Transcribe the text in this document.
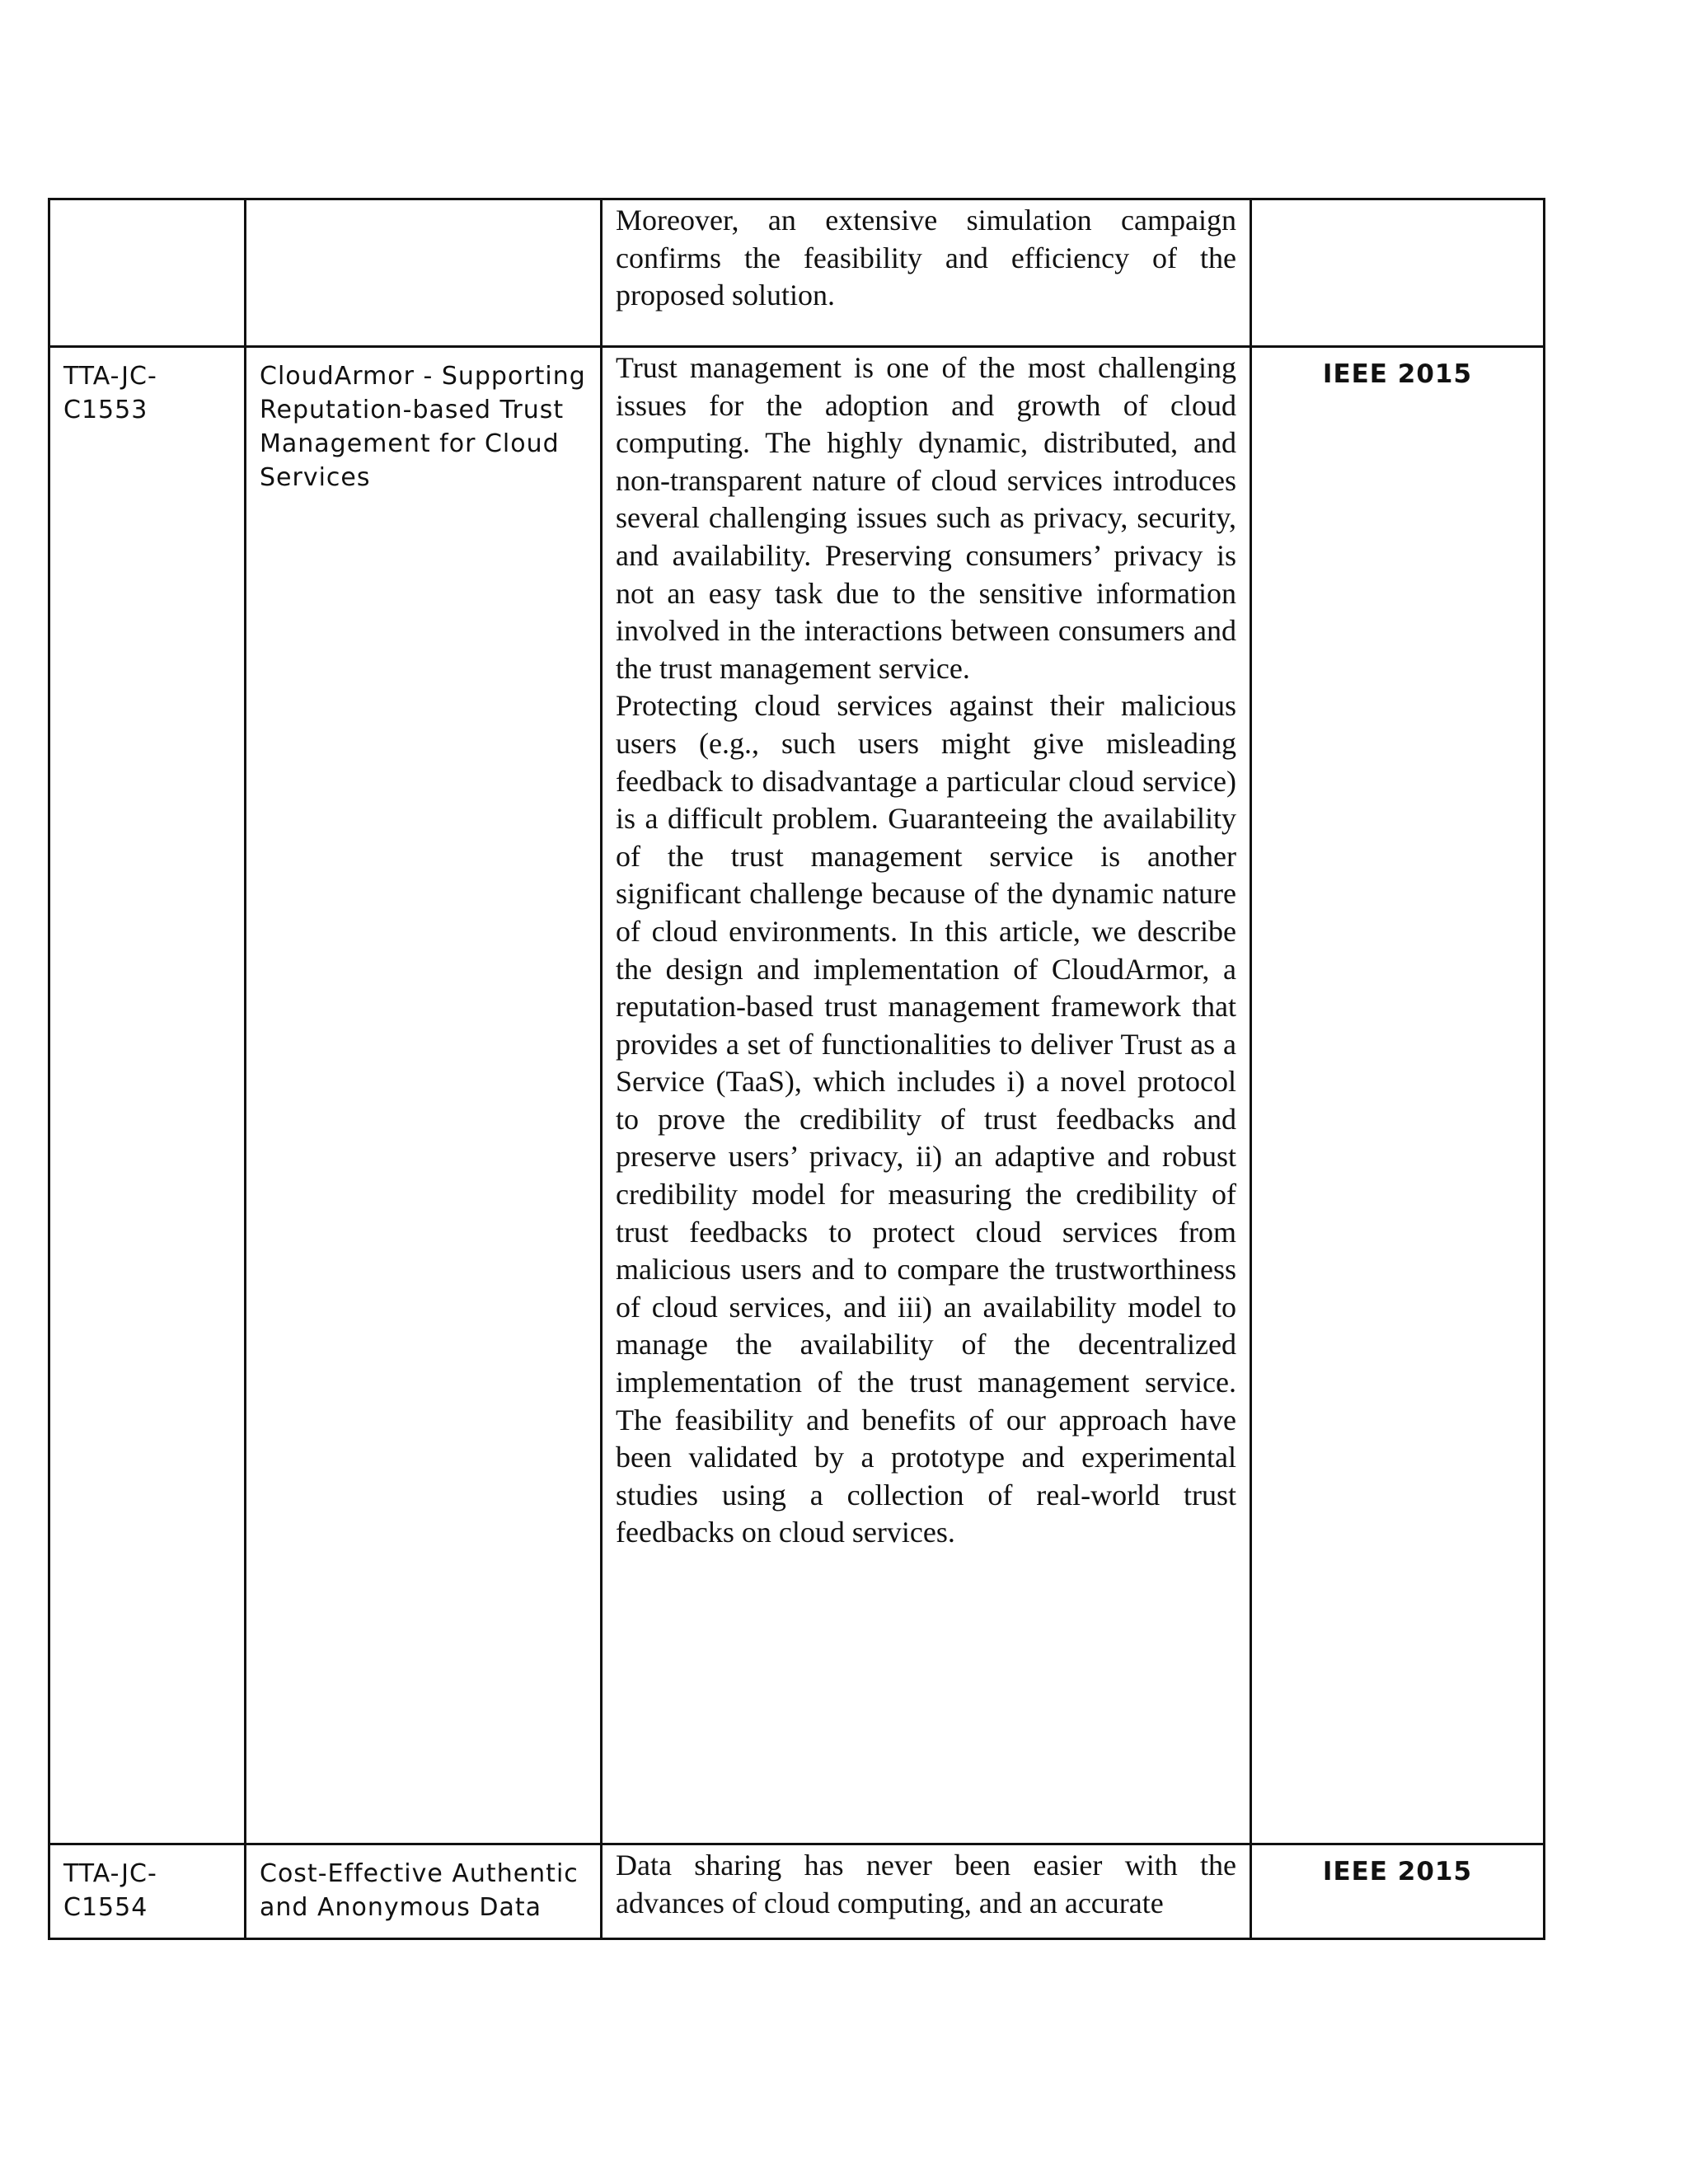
		Moreover, an extensive simulation campaign confirms the feasibility and efficiency of the proposed solution.	

TTA-JC-C1553	CloudArmor - Supporting Reputation-based Trust Management for Cloud Services	Trust management is one of the most challenging issues for the adoption and growth of cloud computing. The highly dynamic, distributed, and non-transparent nature of cloud services introduces several challenging issues such as privacy, security, and availability. Preserving consumers’ privacy is not an easy task due to the sensitive information involved in the interactions between consumers and the trust management service.

Protecting cloud services against their malicious users (e.g., such users might give misleading feedback to disadvantage a particular cloud service) is a difficult problem. Guaranteeing the availability of the trust management service is another significant challenge because of the dynamic nature of cloud environments. In this article, we describe the design and implementation of CloudArmor, a reputation-based trust management framework that provides a set of functionalities to deliver Trust as a Service (TaaS), which includes i) a novel protocol to prove the credibility of trust feedbacks and preserve users’ privacy, ii) an adaptive and robust credibility model for measuring the credibility of trust feedbacks to protect cloud services from malicious users and to compare the trustworthiness of cloud services, and iii) an availability model to manage the availability of the decentralized implementation of the trust management service. The feasibility and benefits of our approach have been validated by a prototype and experimental studies using a collection of real-world trust feedbacks on cloud services.	IEEE 2015

TTA-JC-C1554	Cost-Effective Authentic and Anonymous Data	Data sharing has never been easier with the advances of cloud computing, and an accurate	IEEE 2015
